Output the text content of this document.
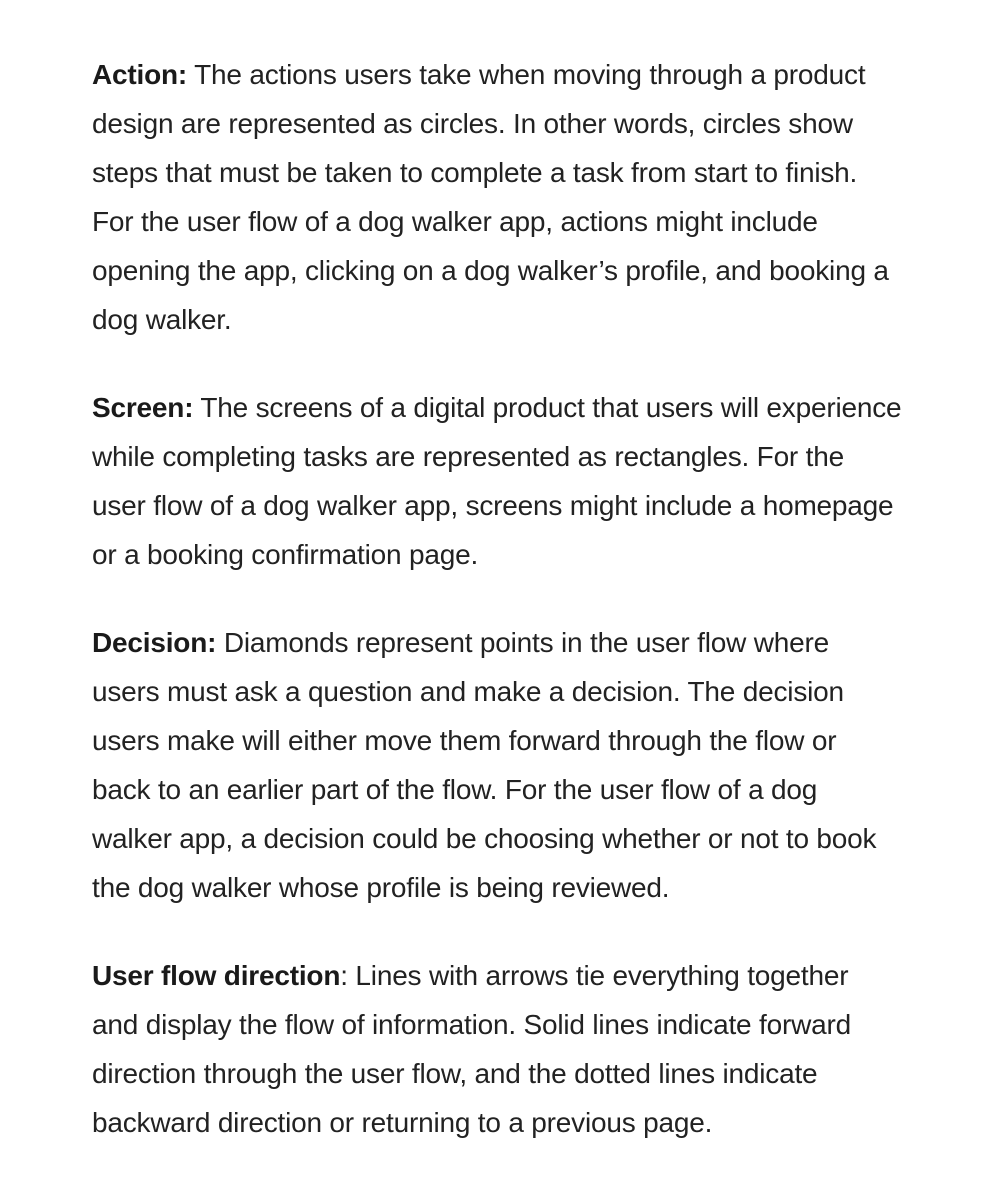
Action: The actions users take when moving through a product design are represented as circles. In other words, circles show steps that must be taken to complete a task from start to finish. For the user flow of a dog walker app, actions might include opening the app, clicking on a dog walker’s profile, and booking a dog walker.

Screen: The screens of a digital product that users will experience while completing tasks are represented as rectangles. For the user flow of a dog walker app, screens might include a homepage or a booking confirmation page.

Decision: Diamonds represent points in the user flow where users must ask a question and make a decision. The decision users make will either move them forward through the flow or back to an earlier part of the flow. For the user flow of a dog walker app, a decision could be choosing whether or not to book the dog walker whose profile is being reviewed.

User flow direction: Lines with arrows tie everything together and display the flow of information. Solid lines indicate forward direction through the user flow, and the dotted lines indicate backward direction or returning to a previous page.
